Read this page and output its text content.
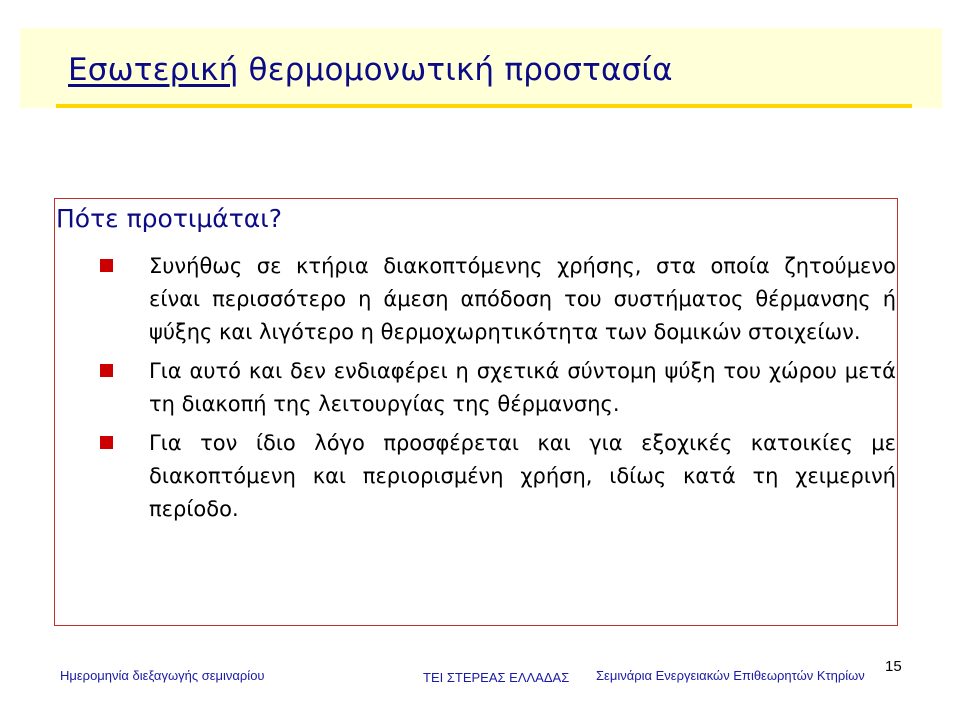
Εσωτερική θερμομονωτική προστασία
Πότε προτιμάται?
Συνήθως σε κτήρια διακοπτόμενης χρήσης, στα οποία ζητούμενο είναι περισσότερο η άμεση απόδοση του συστήματος θέρμανσης ή ψύξης και λιγότερο η θερμοχωρητικότητα των δομικών στοιχείων.
Για αυτό και δεν ενδιαφέρει η σχετικά σύντομη ψύξη του χώρου μετά τη διακοπή της λειτουργίας της θέρμανσης.
Για τον ίδιο λόγο προσφέρεται και για εξοχικές κατοικίες με διακοπτόμενη και περιορισμένη χρήση, ιδίως κατά τη χειμερινή περίοδο.
Ημερομηνία διεξαγωγής σεμιναρίου	ΤΕΙ ΣΤΕΡΕΑΣ ΕΛΛΑΔΑΣ Σεμινάρια Ενεργειακών Επιθεωρητών Κτηρίων
15
